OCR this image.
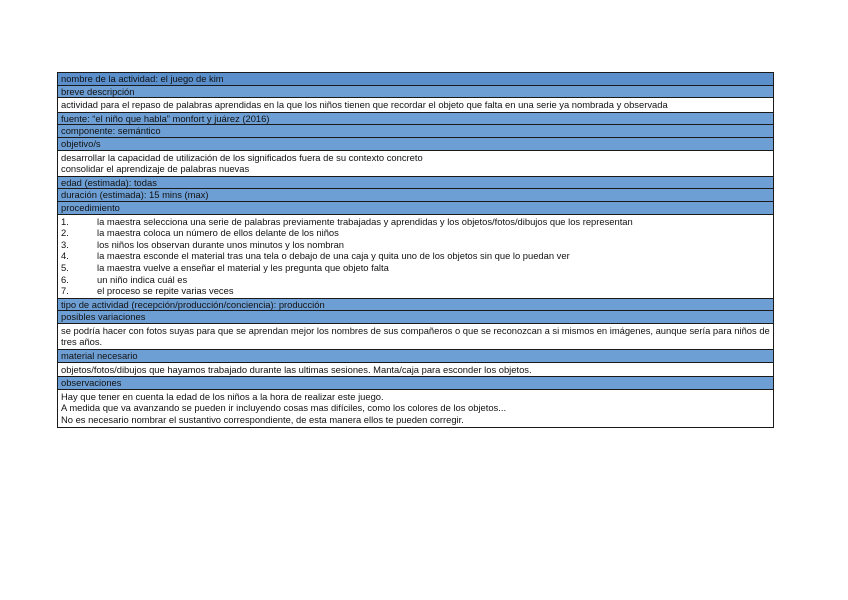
nombre de la actividad: el juego de kim
breve descripción
actividad para el repaso de palabras aprendidas en la que los niños tienen que recordar el objeto que falta en una serie ya nombrada y observada
fuente: “el niño que habla” monfort y juárez (2016)
componente: semántico
objetivo/s
desarrollar la capacidad de utilización de los significados fuera de su contexto concreto
consolidar el aprendizaje de palabras nuevas
edad (estimada): todas
duración (estimada): 15 mins (max)
procedimiento
1.	la maestra selecciona una serie de palabras previamente trabajadas y aprendidas y los objetos/fotos/dibujos que los representan
2.	la maestra coloca un número de ellos delante de los niños
3.	los niños los observan durante unos minutos y los nombran
4.	la maestra esconde el material tras una tela o debajo de una caja y quita uno de los objetos sin que lo puedan ver
5.	la maestra vuelve a enseñar el material y les pregunta que objeto falta
6.	un niño indica cuál es
7.	el proceso se repite varias veces
tipo de actividad (recepción/producción/conciencia): producción
posibles variaciones
se podría hacer con fotos suyas para que se aprendan mejor los nombres de sus compañeros o que se reconozcan a si mismos en imágenes, aunque sería para niños de tres años.
material necesario
objetos/fotos/dibujos que hayamos trabajado durante las ultimas sesiones. Manta/caja para esconder los objetos.
observaciones
Hay que tener en cuenta la edad de los niños a la hora de realizar este juego.
A medida que va avanzando se pueden ir incluyendo cosas mas difíciles, como los colores de los objetos...
No es necesario nombrar el sustantivo correspondiente, de esta manera ellos te pueden corregir.
